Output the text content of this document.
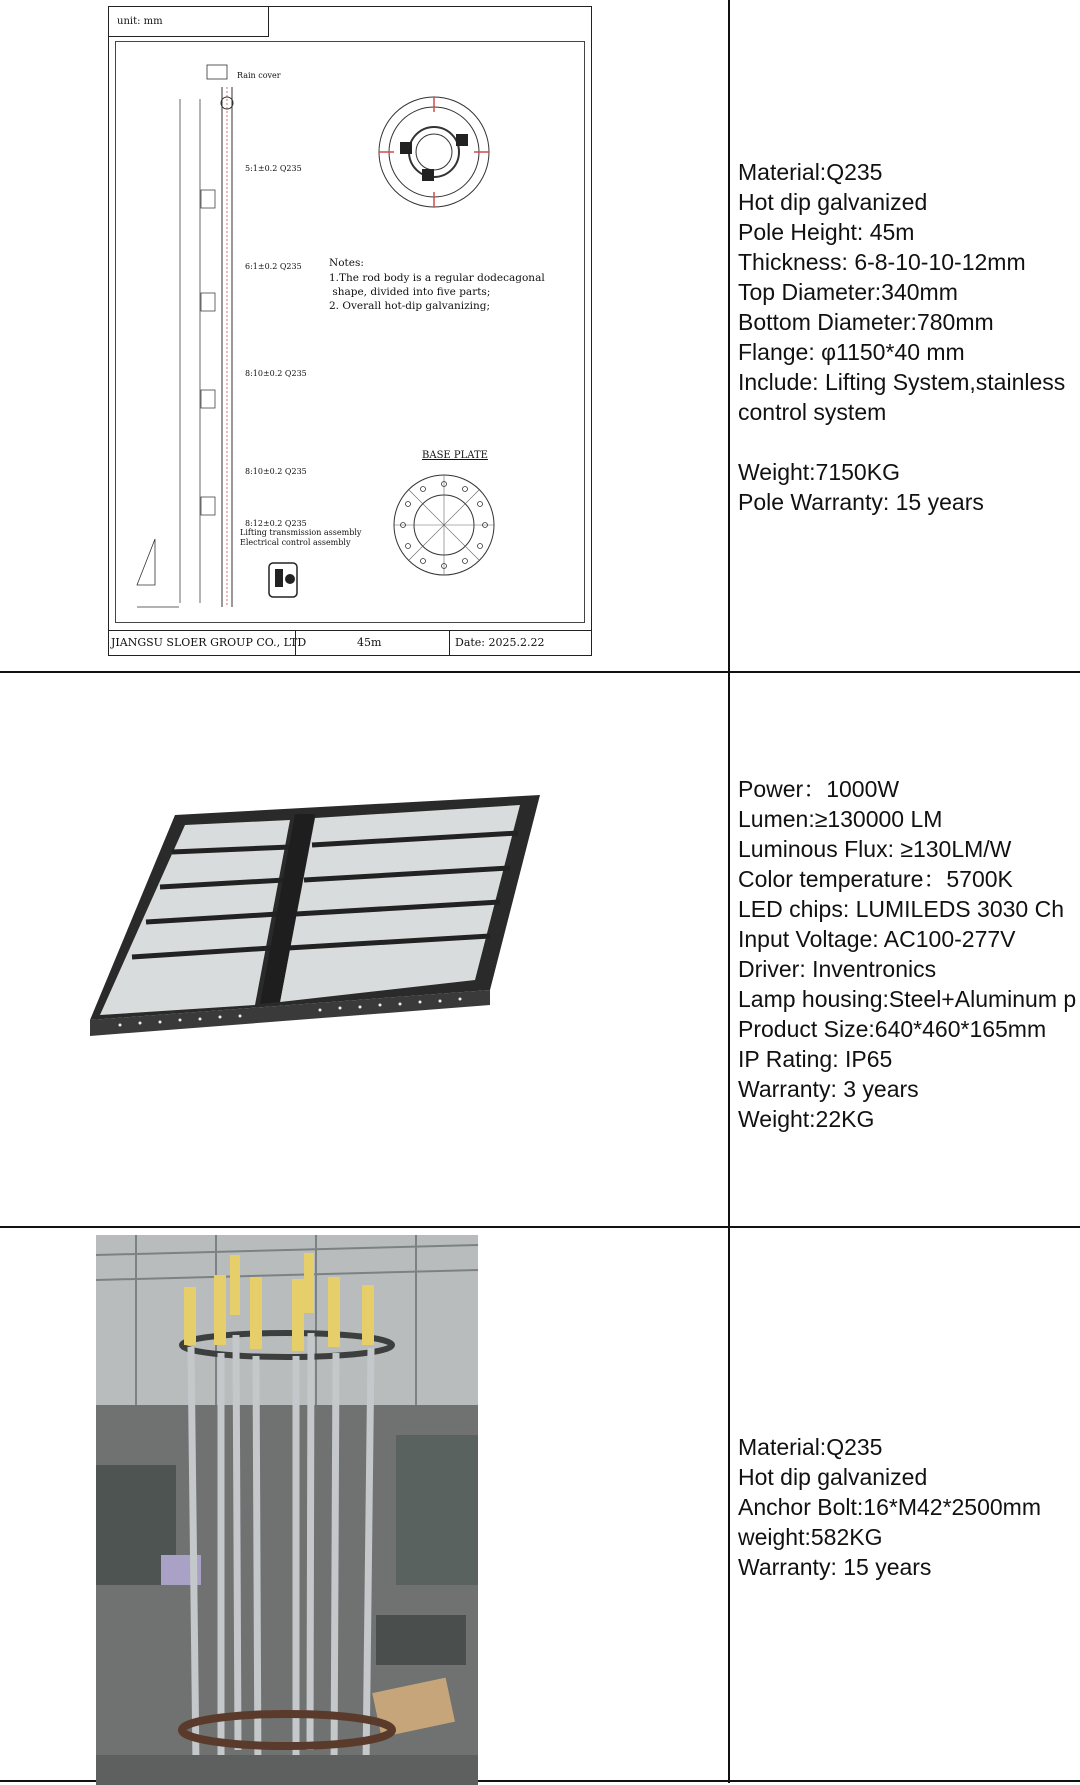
unit: mm
Rain cover
5:1±0.2 Q235
6:1±0.2 Q235
8:10±0.2 Q235
8:10±0.2 Q235
8:12±0.2 Q235
Lifting transmission assembly
Electrical control assembly
BASE PLATE
Notes:
1.The rod body is a regular dodecagonal
shape, divided into five parts;
2. Overall hot-dip galvanizing;
JIANGSU SLOER GROUP CO., LTD	45m	Date: 2025.2.22
Material:Q235
Hot dip galvanized
Pole Height: 45m
Thickness: 6-8-10-10-12mm
Top Diameter:340mm
Bottom Diameter:780mm
Flange: φ1150*40 mm
Include: Lifting System,stainless
control system

Weight:7150KG
Pole Warranty: 15 years
Power：1000W
Lumen:≥130000 LM
Luminous Flux: ≥130LM/W
Color temperature：5700K
LED chips: LUMILEDS 3030 Ch
Input Voltage: AC100-277V
Driver: Inventronics
Lamp housing:Steel+Aluminum p
Product Size:640*460*165mm
IP Rating: IP65
Warranty: 3 years
Weight:22KG
Material:Q235
Hot dip galvanized
Anchor Bolt:16*M42*2500mm
weight:582KG
Warranty: 15 years
